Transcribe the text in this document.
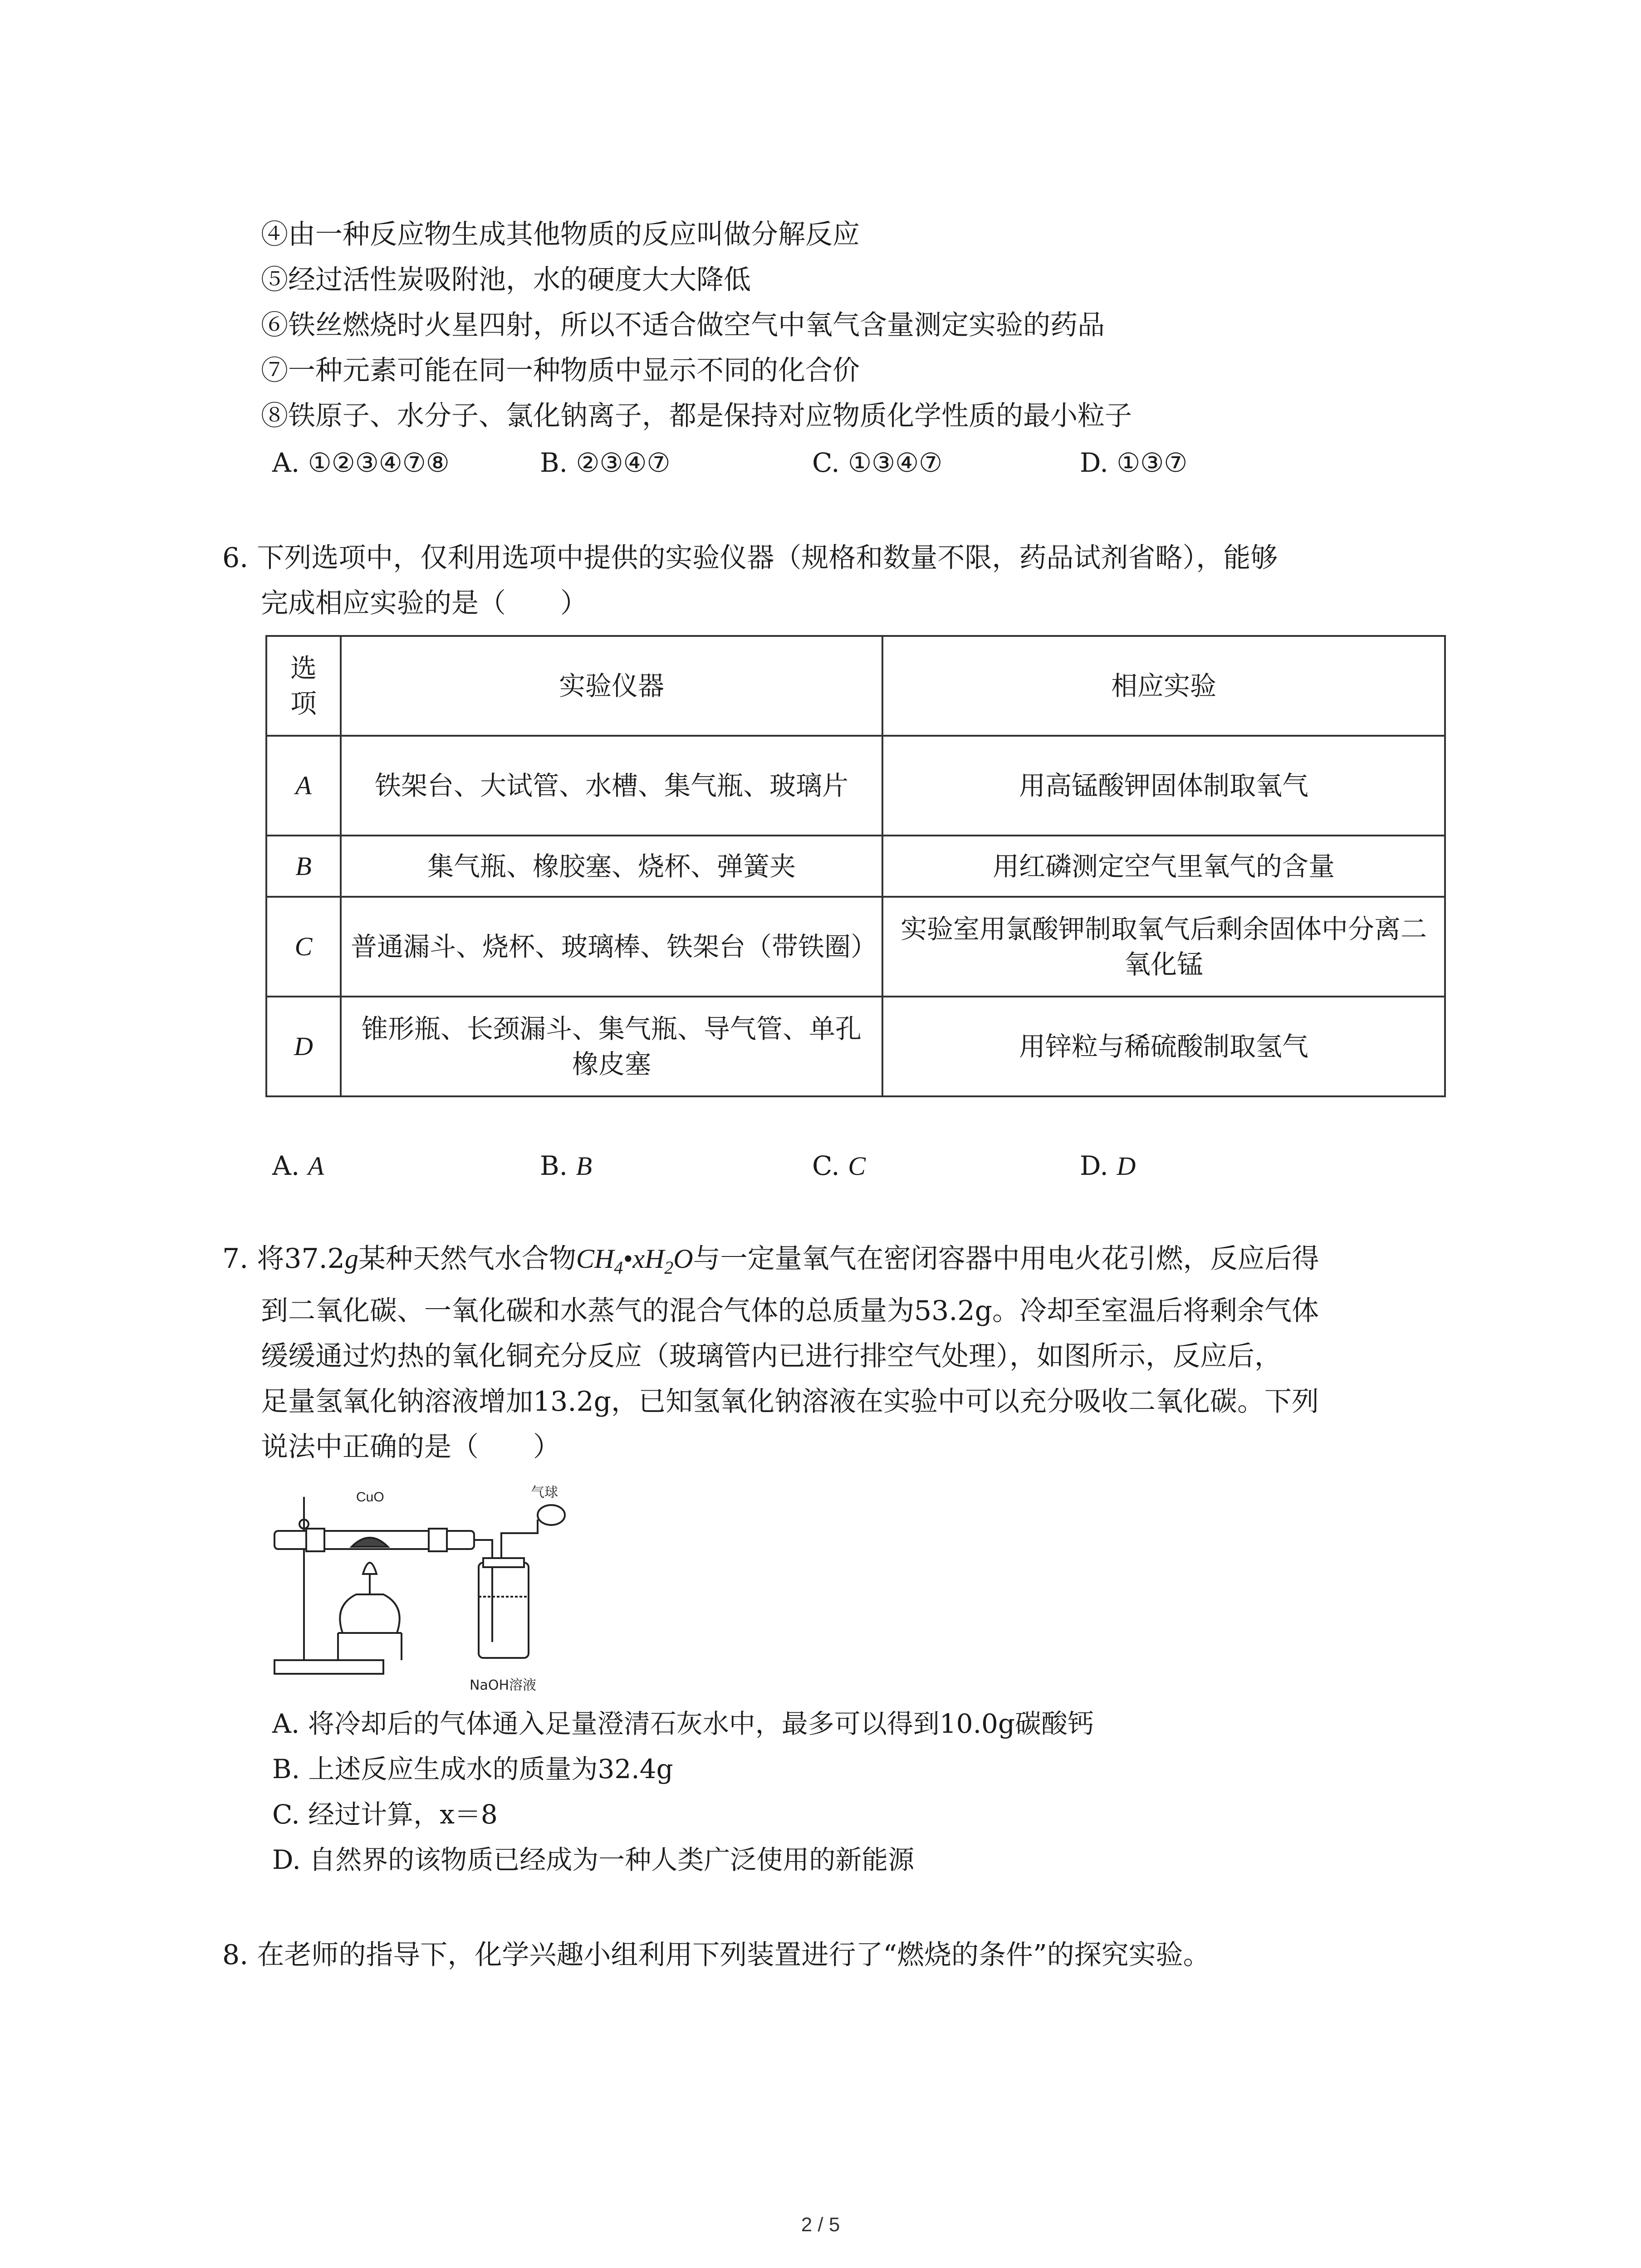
④由一种反应物生成其他物质的反应叫做分解反应
⑤经过活性炭吸附池，水的硬度大大降低
⑥铁丝燃烧时火星四射，所以不适合做空气中氧气含量测定实验的药品
⑦一种元素可能在同一种物质中显示不同的化合价
⑧铁原子、水分子、氯化钠离子，都是保持对应物质化学性质的最小粒子
A. ①②③④⑦⑧	B. ②③④⑦	C. ①③④⑦	D. ①③⑦
6. 下列选项中，仅利用选项中提供的实验仪器（规格和数量不限，药品试剂省略），能够
完成相应实验的是（　　）
选项	实验仪器	相应实验
A	铁架台、大试管、水槽、集气瓶、玻璃片	用高锰酸钾固体制取氧气
B	集气瓶、橡胶塞、烧杯、弹簧夹	用红磷测定空气里氧气的含量
C	普通漏斗、烧杯、玻璃棒、铁架台（带铁圈）	实验室用氯酸钾制取氧气后剩余固体中分离二氧化锰
D	锥形瓶、长颈漏斗、集气瓶、导气管、单孔橡皮塞	用锌粒与稀硫酸制取氢气
A. A	B. B	C. C	D. D
7. 将37.2g某种天然气水合物$CH_4•xH_2O$与一定量氧气在密闭容器中用电火花引燃，反应后得
到二氧化碳、一氧化碳和水蒸气的混合气体的总质量为53.2g。冷却至室温后将剩余气体
缓缓通过灼热的氧化铜充分反应（玻璃管内已进行排空气处理），如图所示，反应后，
足量氢氧化钠溶液增加13.2g，已知氢氧化钠溶液在实验中可以充分吸收二氧化碳。下列
说法中正确的是（　　）
CuO	气球
NaOH溶液
A. 将冷却后的气体通入足量澄清石灰水中，最多可以得到10.0g碳酸钙
B. 上述反应生成水的质量为32.4g
C. 经过计算，x＝8
D. 自然界的该物质已经成为一种人类广泛使用的新能源
8. 在老师的指导下，化学兴趣小组利用下列装置进行了“燃烧的条件”的探究实验。
2 / 5
